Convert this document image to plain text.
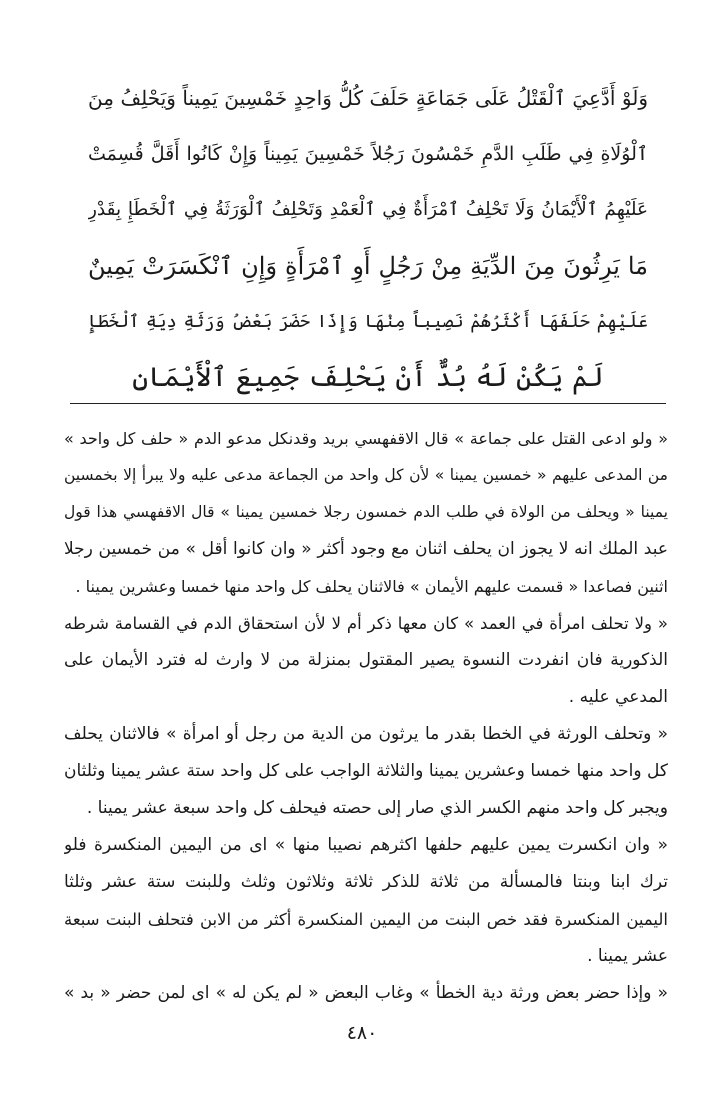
وَلَوْ أَدَّعِيَ ٱلْقَتْلُ عَلَى جَمَاعَةٍ حَلَفَ كُلُّ وَاحِدٍ خَمْسِينَ يَمِيناً وَيَحْلِفُ مِنَ
ٱلْوُلَاةِ فِي طَلَبِ الدَّمِ خَمْسُونَ رَجُلاً خَمْسِينَ يَمِيناً وَإِنْ كَانُوا أَقَلَّ قُسِمَتْ
عَلَيْهِمُ ٱلْأَيْمَانُ وَلَا تَحْلِفُ ٱمْرَأَةٌ فِي ٱلْعَمْدِ وَتَحْلِفُ ٱلْوَرَثَةُ فِي ٱلْخَطَإِ بِقَدْرِ
مَا يَرِثُونَ مِنَ الدِّيَةِ مِنْ رَجُلٍ أَوِ ٱمْرَأَةٍ وَإِنِ ٱنْكَسَرَتْ يَمِينٌ
عَلَيْهِمْ حَلَفَهَا أَكْثَرُهُمْ نَصِيباً مِنْهَا وَإِذَا حَضَرَ بَعْضُ وَرَثَةِ دِيَةِ ٱلْخَطَإِ
لَمْ يَكُنْ لَهُ بُدٌّ أَنْ يَحْلِفَ جَمِيعَ ٱلْأَيْمَانِ
« ولو ادعى القتل على جماعة » قال الاقفهسي بريد وقدنكل مدعو الدم « حلف كل واحد »
من المدعى عليهم « خمسين يمينا » لأن كل واحد من الجماعة مدعى عليه ولا يبرأ إلا بخمسين
يمينا « ويحلف من الولاة في طلب الدم خمسون رجلا خمسين يمينا » قال الاقفهسي هذا قول
عبد الملك انه لا يجوز ان يحلف اثنان مع وجود أكثر « وان كانوا أقل » من خمسين رجلا
اثنين فصاعدا « قسمت عليهم الأيمان » فالاثنان يحلف كل واحد منها خمسا وعشرين يمينا .
« ولا تحلف امرأة في العمد » كان معها ذكر أم لا لأن استحقاق الدم في القسامة شرطه
الذكورية فان انفردت النسوة يصير المقتول بمنزلة من لا وارث له فترد الأيمان على
المدعي عليه .
« وتحلف الورثة في الخطا بقدر ما يرثون من الدية من رجل أو امرأة » فالاثنان يحلف
كل واحد منها خمسا وعشرين يمينا والثلاثة الواجب على كل واحد ستة عشر يمينا وثلثان
ويجبر كل واحد منهم الكسر الذي صار إلى حصته فيحلف كل واحد سبعة عشر يمينا .
« وان انكسرت يمين عليهم حلفها اكثرهم نصيبا منها » اى من اليمين المنكسرة فلو
ترك ابنا وبنتا فالمسألة من ثلاثة للذكر ثلاثة وثلاثون وثلث وللبنت ستة عشر وثلثا
اليمين المنكسرة فقد خص البنت من اليمين المنكسرة أكثر من الابن فتحلف البنت سبعة
عشر يمينا .
« وإذا حضر بعض ورثة دية الخطأ » وغاب البعض « لم يكن له » اى لمن حضر « بد »
٤٨٠
